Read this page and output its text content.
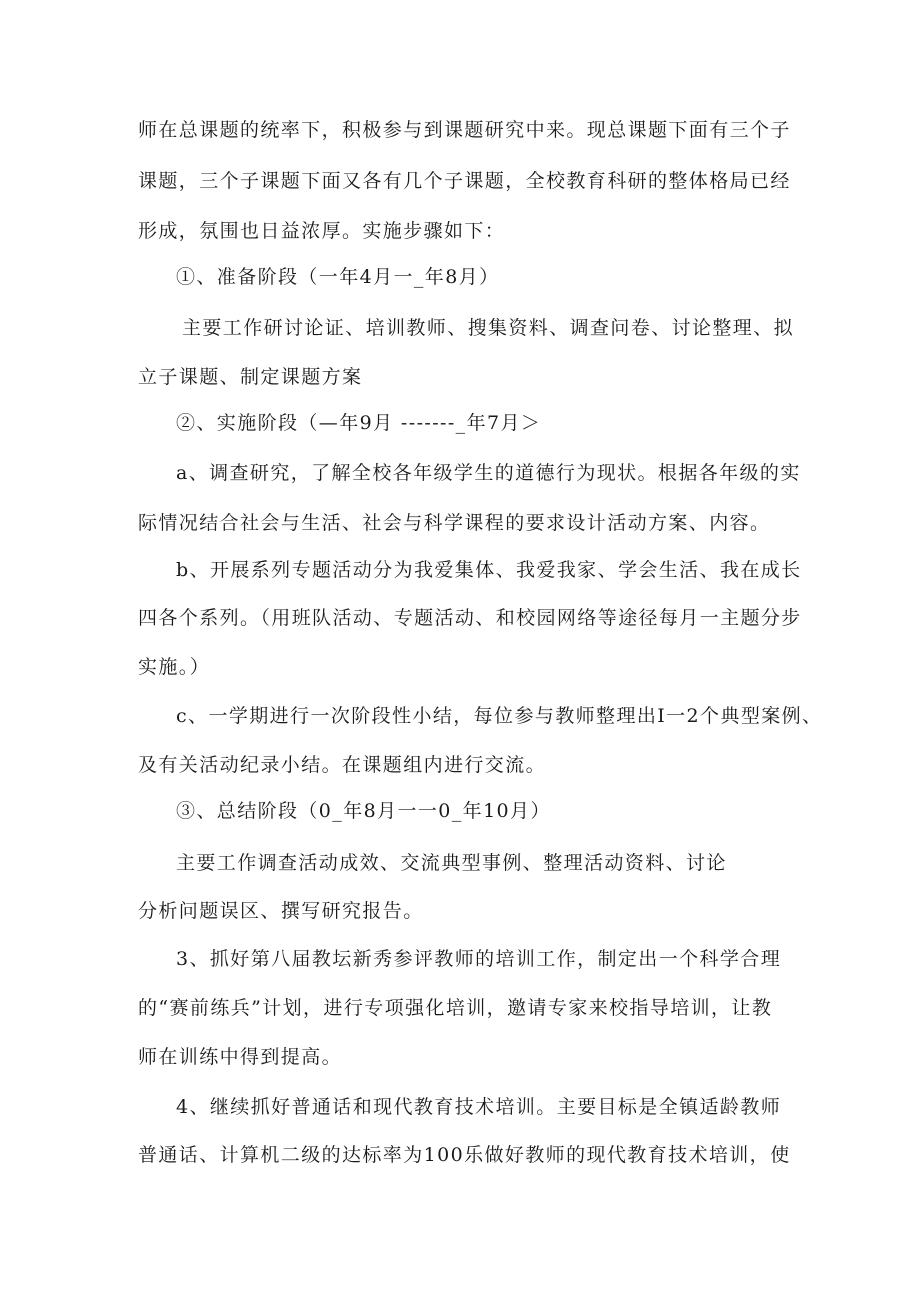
师在总课题的统率下，积极参与到课题研究中来。现总课题下面有三个子
课题，三个子课题下面又各有几个子课题，全校教育科研的整体格局已经
形成，氛围也日益浓厚。实施步骤如下：
①、准备阶段（一年4月一_年8月）
主要工作研讨论证、培训教师、搜集资料、调查问卷、讨论整理、拟
立子课题、制定课题方案
②、实施阶段（—年9月 -------_年7月＞
a、调查研究，了解全校各年级学生的道德行为现状。根据各年级的实
际情况结合社会与生活、社会与科学课程的要求设计活动方案、内容。
b、开展系列专题活动分为我爱集体、我爱我家、学会生活、我在成长
四各个系列。（用班队活动、专题活动、和校园网络等途径每月一主题分步
实施。）
c、一学期进行一次阶段性小结，每位参与教师整理出I一2个典型案例、
及有关活动纪录小结。在课题组内进行交流。
③、总结阶段（0_年8月一一0_年10月）
主要工作调查活动成效、交流典型事例、整理活动资料、讨论
分析问题误区、撰写研究报告。
3、抓好第八届教坛新秀参评教师的培训工作，制定出一个科学合理
的“赛前练兵”计划，进行专项强化培训，邀请专家来校指导培训，让教
师在训练中得到提高。
4、继续抓好普通话和现代教育技术培训。主要目标是全镇适龄教师
普通话、计算机二级的达标率为100乐做好教师的现代教育技术培训，使
